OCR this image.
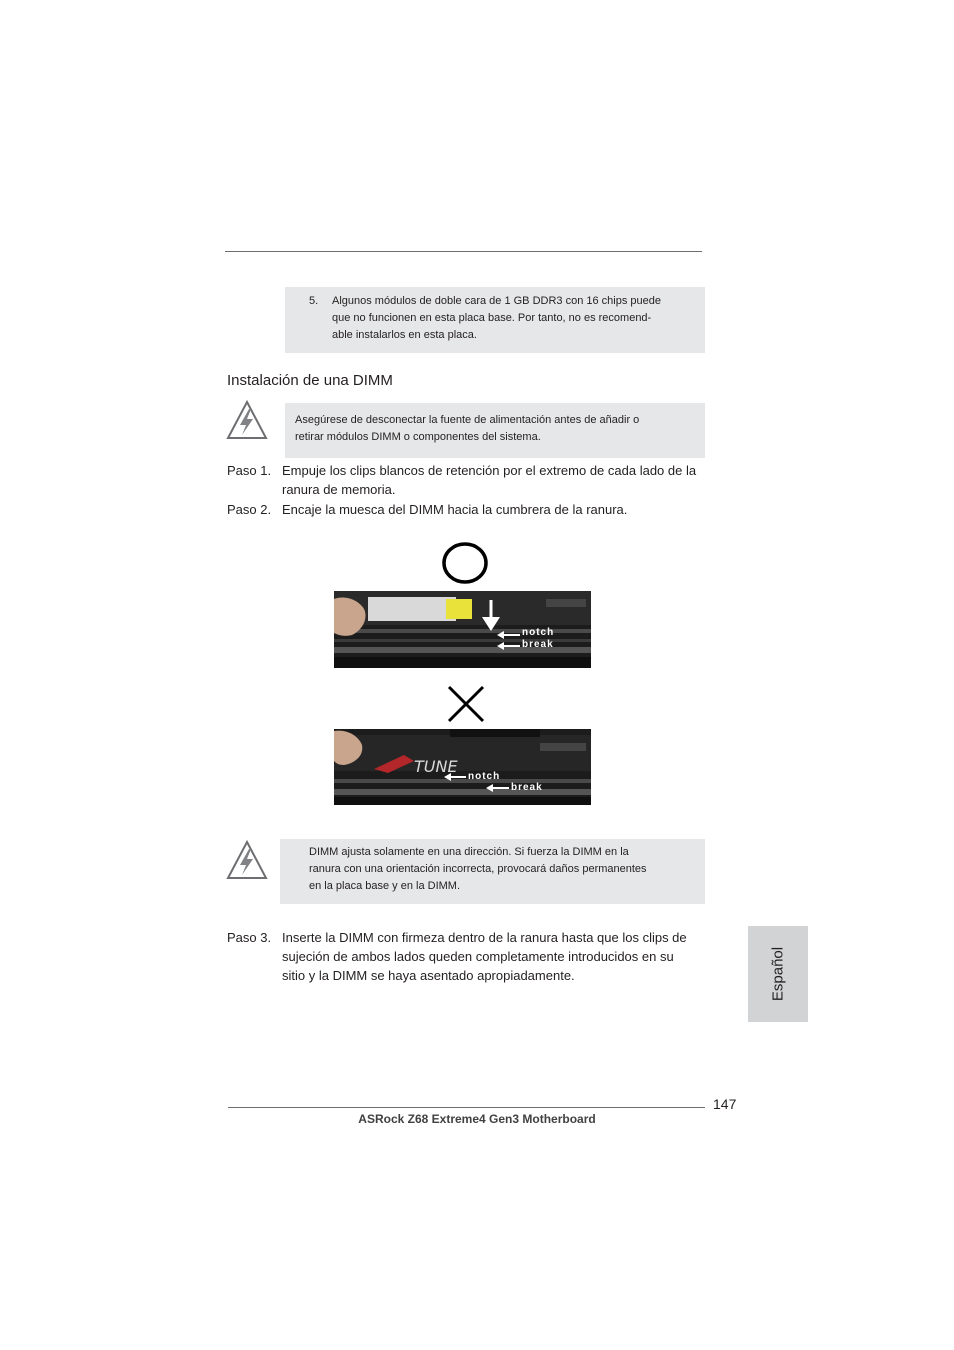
5. Algunos módulos de doble cara de 1 GB DDR3 con 16 chips puede
que no funcionen en esta placa base. Por tanto, no es recomend-
able instalarlos en esta placa.
Instalación de una DIMM
Asegúrese de desconectar la fuente de alimentación antes de añadir o
retirar módulos DIMM o componentes del sistema.
Paso 1. Empuje los clips blancos de retención por el extremo de cada lado de la
ranura de memoria.
Paso 2. Encaje la muesca del DIMM hacia la cumbrera de la ranura.
notch
break
TUNE
notch
break
DIMM ajusta solamente en una dirección. Si fuerza la DIMM en la
ranura con una orientación incorrecta, provocará daños permanentes
en la placa base y en la DIMM.
Paso 3. Inserte la DIMM con firmeza dentro de la ranura hasta que los clips de
sujeción de ambos lados queden completamente introducidos en su
sitio y la DIMM se haya asentado apropiadamente.	Español
147
ASRock Z68 Extreme4 Gen3 Motherboard
